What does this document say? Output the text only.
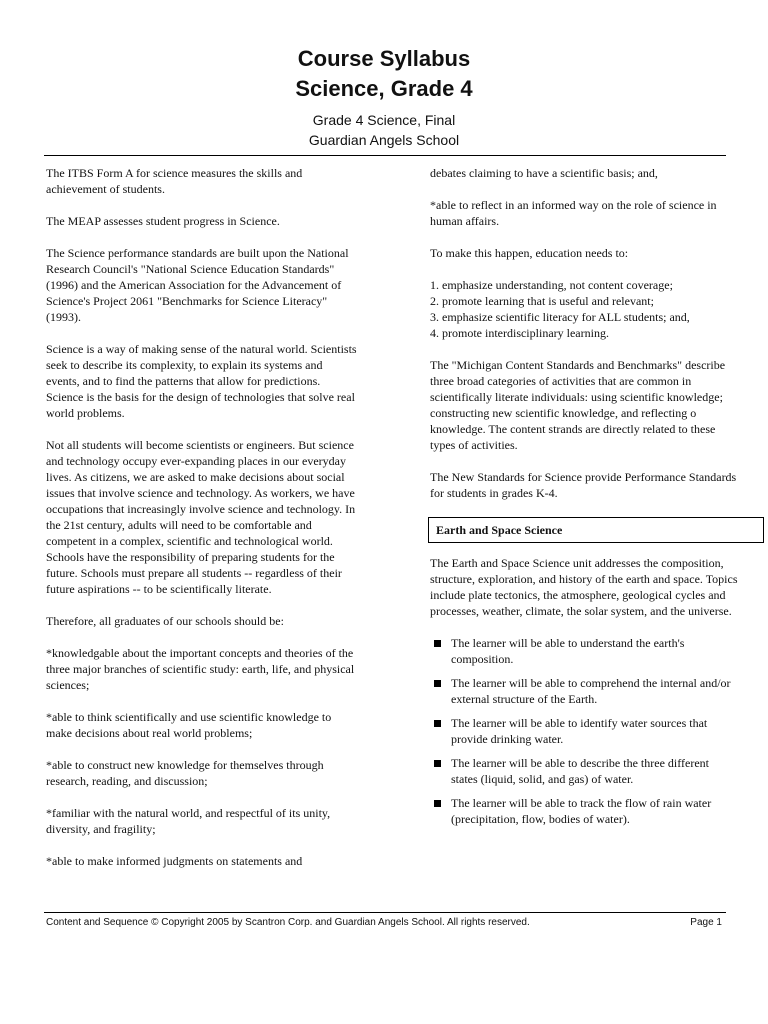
Course Syllabus
Science, Grade 4
Grade 4 Science, Final
Guardian Angels School

The ITBS Form A for science measures the skills and achievement of students.

The MEAP assesses student progress in Science.

The Science performance standards are built upon the National Research Council's "National Science Education Standards" (1996) and the American Association for the Advancement of Science's Project 2061 "Benchmarks for Science Literacy" (1993).

Science is a way of making sense of the natural world. Scientists seek to describe its complexity, to explain its systems and events, and to find the patterns that allow for predictions. Science is the basis for the design of technologies that solve real world problems.

Not all students will become scientists or engineers. But science and technology occupy ever-expanding places in our everyday lives. As citizens, we are asked to make decisions about social issues that involve science and technology. As workers, we have occupations that increasingly involve science and technology. In the 21st century, adults will need to be comfortable and competent in a complex, scientific and technological world. Schools have the responsibility of preparing students for the future. Schools must prepare all students -- regardless of their future aspirations -- to be scientifically literate.

Therefore, all graduates of our schools should be:

*knowledgable about the important concepts and theories of the three major branches of scientific study: earth, life, and physical sciences;

*able to think scientifically and use scientific knowledge to make decisions about real world problems;

*able to construct new knowledge for themselves through research, reading, and discussion;

*familiar with the natural world, and respectful of its unity, diversity, and fragility;

*able to make informed judgments on statements and

debates claiming to have a scientific basis; and,

*able to reflect in an informed way on the role of science in human affairs.

To make this happen, education needs to:

1. emphasize understanding, not content coverage;
2. promote learning that is useful and relevant;
3. emphasize scientific literacy for ALL students; and,
4. promote interdisciplinary learning.

The "Michigan Content Standards and Benchmarks" describe three broad categories of activities that are common in scientifically literate individuals: using scientific knowledge; constructing new scientific knowledge, and reflecting o knowledge. The content strands are directly related to these types of activities.

The New Standards for Science provide Performance Standards for students in grades K-4.

Earth and Space Science

The Earth and Space Science unit addresses the composition, structure, exploration, and history of the earth and space. Topics include plate tectonics, the atmosphere, geological cycles and processes, weather, climate, the solar system, and the universe.

The learner will be able to understand the earth's composition.
The learner will be able to comprehend the internal and/or external structure of the Earth.
The learner will be able to identify water sources that provide drinking water.
The learner will be able to describe the three different states (liquid, solid, and gas) of water.
The learner will be able to track the flow of rain water (precipitation, flow, bodies of water).
Content and Sequence © Copyright 2005 by Scantron Corp. and Guardian Angels School. All rights reserved.	Page 1
